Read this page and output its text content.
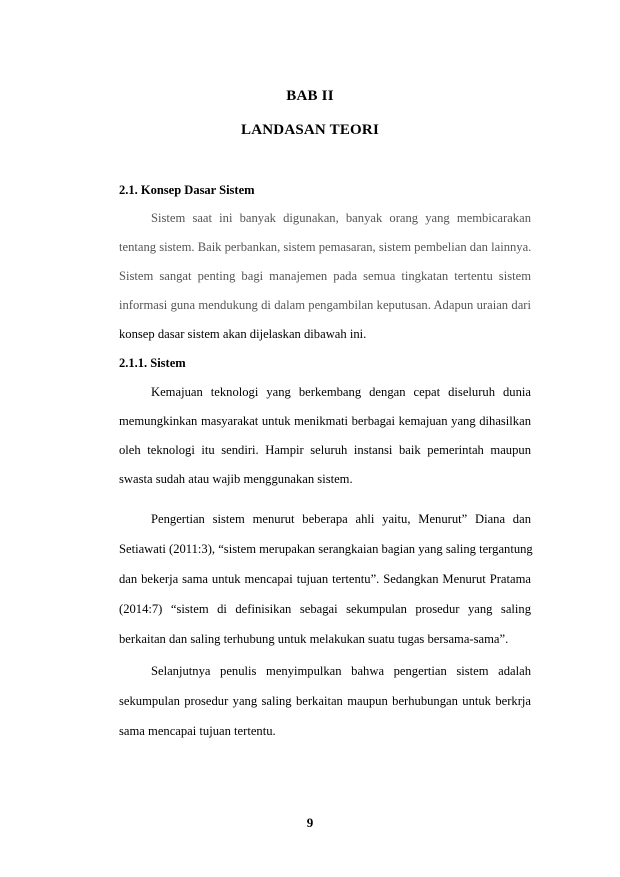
BAB II
LANDASAN TEORI
2.1. Konsep Dasar Sistem
Sistem saat ini banyak digunakan, banyak orang yang membicarakan
tentang sistem. Baik perbankan, sistem pemasaran, sistem pembelian dan lainnya.
Sistem sangat penting bagi manajemen pada semua tingkatan tertentu sistem
informasi guna mendukung di dalam pengambilan keputusan. Adapun uraian dari
konsep dasar sistem akan dijelaskan dibawah ini.
2.1.1. Sistem
Kemajuan teknologi yang berkembang dengan cepat diseluruh dunia
memungkinkan masyarakat untuk menikmati berbagai kemajuan yang dihasilkan
oleh teknologi itu sendiri. Hampir seluruh instansi baik pemerintah maupun
swasta sudah atau wajib menggunakan sistem.
Pengertian sistem menurut beberapa ahli yaitu, Menurut” Diana dan
Setiawati (2011:3), “sistem merupakan serangkaian bagian yang saling tergantung
dan bekerja sama untuk mencapai tujuan tertentu”. Sedangkan Menurut Pratama
(2014:7) “sistem di definisikan sebagai sekumpulan prosedur yang saling
berkaitan dan saling terhubung untuk melakukan suatu tugas bersama-sama”.
Selanjutnya penulis menyimpulkan bahwa pengertian sistem adalah
sekumpulan prosedur yang saling berkaitan maupun berhubungan untuk berkrja
sama mencapai tujuan tertentu.
9
